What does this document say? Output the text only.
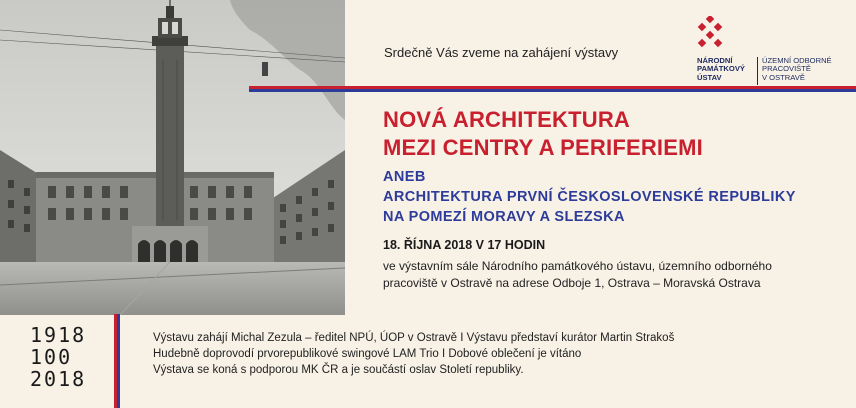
Srdečně Vás zveme na zahájení výstavy

NÁRODNÍ
PAMÁTKOVÝ
ÚSTAV
ÚZEMNÍ ODBORNÉ
PRACOVIŠTĚ
V OSTRAVĚ
NOVÁ ARCHITEKTURA
MEZI CENTRY A PERIFERIEMI
ANEB
ARCHITEKTURA PRVNÍ ČESKOSLOVENSKÉ REPUBLIKY
NA POMEZÍ MORAVY A SLEZSKA
18. ŘÍJNA 2018 V 17 HODIN
ve výstavním sále Národního památkového ústavu, územního odborného
pracoviště v Ostravě na adrese Odboje 1, Ostrava – Moravská Ostrava
1918
100
2018
Výstavu zahájí Michal Zezula – ředitel NPÚ, ÚOP v Ostravě I Výstavu představí kurátor Martin Strakoš
Hudebně doprovodí prvorepublikové swingové LAM Trio I Dobové oblečení je vítáno
Výstava se koná s podporou MK ČR a je součástí oslav Století republiky.
